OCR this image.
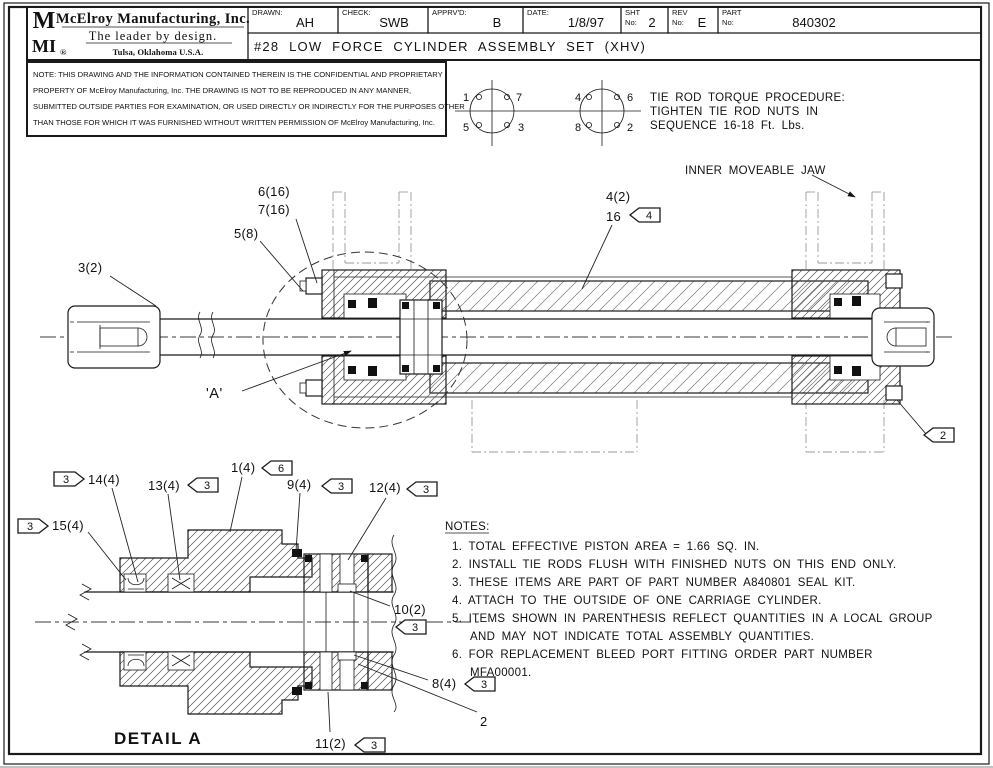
M
MI
McElroy Manufacturing, Inc.
The leader by design.
®	Tulsa, Oklahoma U.S.A.
DRAWN:	CHECK:	APPRV'D:	DATE:	SHT
No:
REV
No:
PART
No:
AH	SWB	B	1/8/97	2	E	840302
#28 LOW FORCE CYLINDER ASSEMBLY SET (XHV)
NOTE: THIS DRAWING AND THE INFORMATION CONTAINED THEREIN IS THE CONFIDENTIAL AND PROPRIETARY
PROPERTY OF McElroy Manufacturing, Inc. THE DRAWING IS NOT TO BE REPRODUCED IN ANY MANNER,
SUBMITTED OUTSIDE PARTIES FOR EXAMINATION, OR USED DIRECTLY OR INDIRECTLY FOR THE PURPOSES OTHER
THAN THOSE FOR WHICH IT WAS FURNISHED WITHOUT WRITTEN PERMISSION OF McElroy Manufacturing, Inc.
1	7
5	3
4	6
8	2
TIE ROD TORQUE PROCEDURE:
TIGHTEN TIE ROD NUTS IN
SEQUENCE 16-18 Ft. Lbs.
3(2)
6(16)
7(16)
5(8)
4(2)
16
INNER MOVEABLE JAW
'A'
4
2
14(4) 13(4)
1(4)
9(4)	12(4)
15(4)
10(2)
8(4)
2
11(2)
DETAIL A
3
3
3
6
3	3
3
3
3
NOTES:
1. TOTAL EFFECTIVE PISTON AREA = 1.66 SQ. IN.
2. INSTALL TIE RODS FLUSH WITH FINISHED NUTS ON THIS END ONLY.
3. THESE ITEMS ARE PART OF PART NUMBER A840801 SEAL KIT.
4. ATTACH TO THE OUTSIDE OF ONE CARRIAGE CYLINDER.
5. ITEMS SHOWN IN PARENTHESIS REFLECT QUANTITIES IN A LOCAL GROUP
AND MAY NOT INDICATE TOTAL ASSEMBLY QUANTITIES.
6. FOR REPLACEMENT BLEED PORT FITTING ORDER PART NUMBER
MFA00001.
